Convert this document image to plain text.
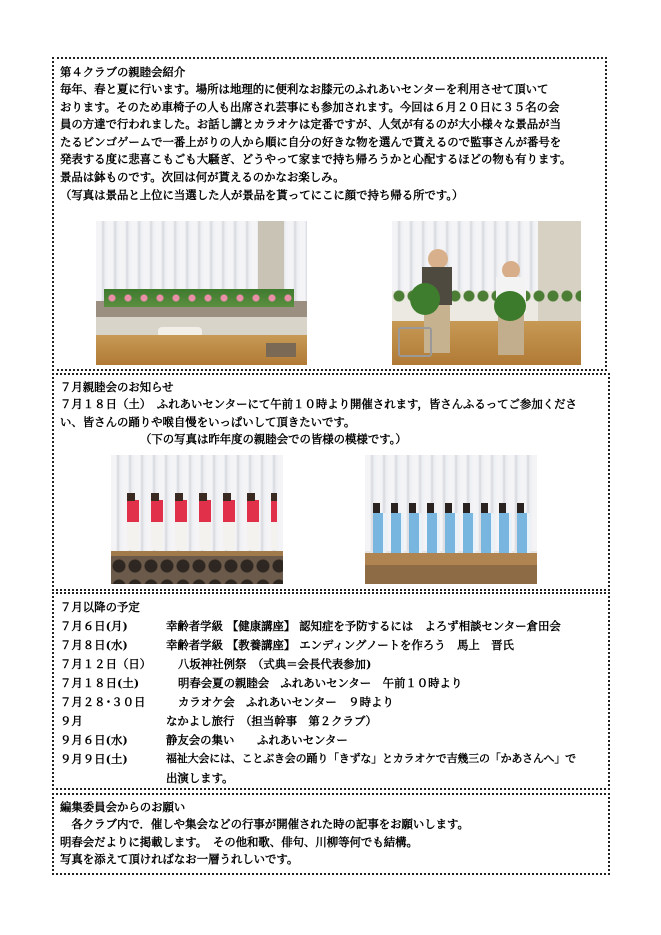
第４クラブの親睦会紹介
毎年、春と夏に行います。場所は地理的に便利なお膝元のふれあいセンターを利用させて頂いて
おります。そのため車椅子の人も出席され芸事にも参加されます。今回は６月２０日に３５名の会
員の方達で行われました。お話し講とカラオケは定番ですが、人気が有るのが大小様々な景品が当
たるビンゴゲームで一番上がりの人から順に自分の好きな物を選んで貰えるので監事さんが番号を
発表する度に悲喜こもごも大騒ぎ、どうやって家まで持ち帰ろうかと心配するほどの物も有ります。
景品は鉢ものです。次回は何が貰えるのかなお楽しみ。
（写真は景品と上位に当選した人が景品を貰ってにこに顔で持ち帰る所です。）
７月親睦会のお知らせ
７月１８日（土）　ふれあいセンターにて午前１０時より開催されます，皆さんふるってご参加くださ
い、皆さんの踊りや喉自慢をいっぱいして頂きたいです。
（下の写真は昨年度の親睦会での皆様の模様です。）
７月以降の予定
７月６日(月)	幸齢者学級 【健康講座】 認知症を予防するには　よろず相談センター倉田会
７月８日(水)	幸齢者学級 【教養講座】 エンディングノートを作ろう　馬上　晋氏
７月１２日（日） 八坂神社例祭　（式典＝会長代表参加)
７月１８日(土)	明春会夏の親睦会　ふれあいセンター　午前１０時より
７月２８･３０日	カラオケ会　ふれあいセンター　９時より
９月	なかよし旅行　（担当幹事　第２クラブ）
９月６日(水)	静友会の集い　　ふれあいセンター
９月９日(土)	福祉大会には、ことぶき会の踊り「きずな」とカラオケで吉幾三の「かあさんへ」で
出演します。
編集委員会からのお願い
　各クラブ内で．催しや集会などの行事が開催された時の記事をお願いします。
明春会だよりに掲載します。　その他和歌、俳句、川柳等何でも結構。
写真を添えて頂ければなお一層うれしいです。
